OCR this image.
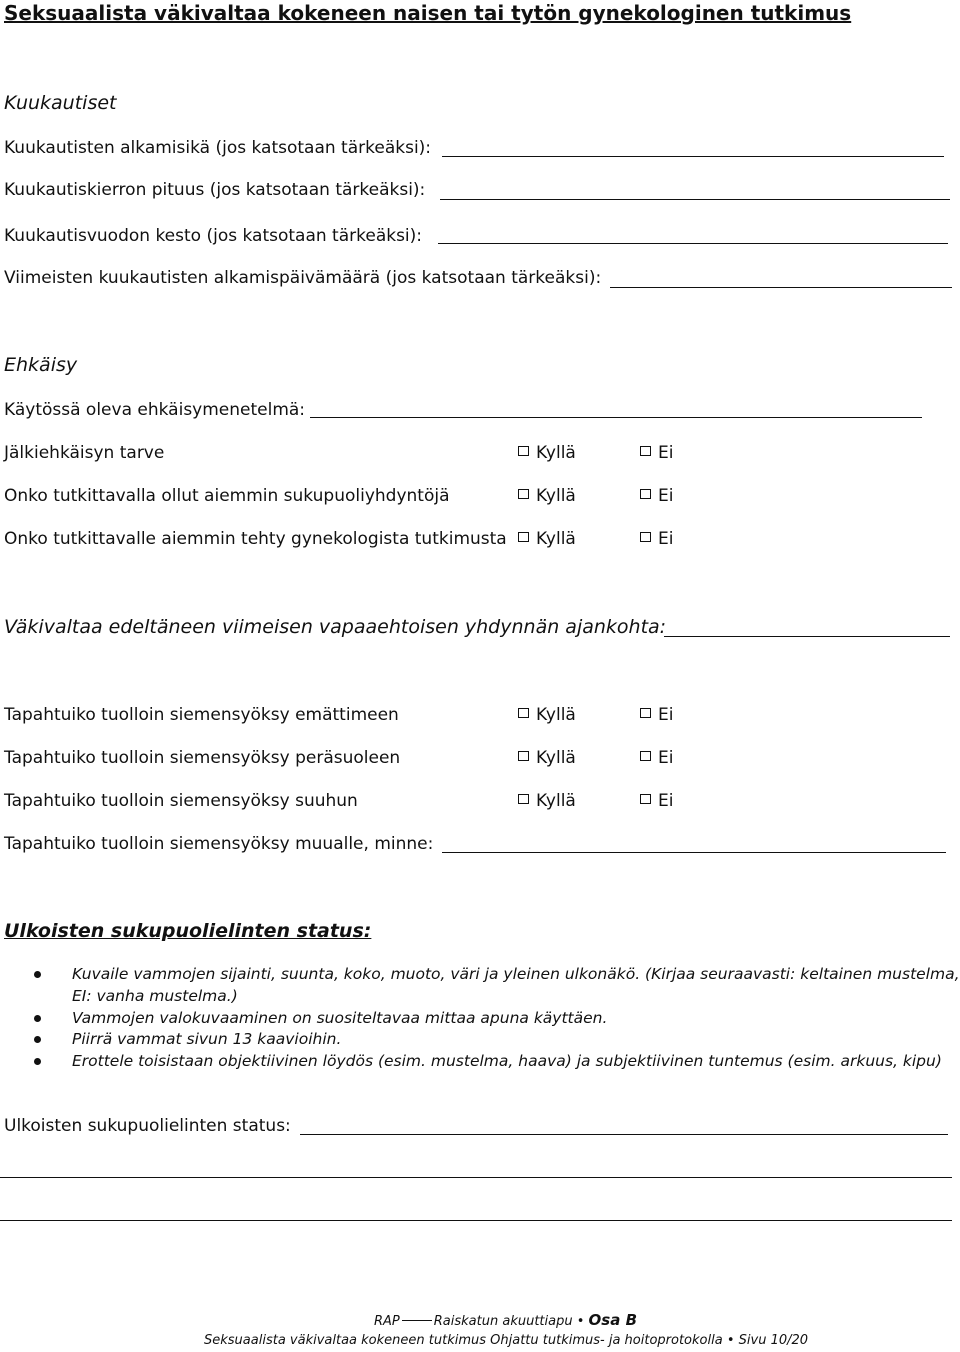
Seksuaalista väkivaltaa kokeneen naisen tai tytön gynekologinen tutkimus
Kuukautiset
Kuukautisten alkamisikä (jos katsotaan tärkeäksi):
Kuukautiskierron pituus (jos katsotaan tärkeäksi):
Kuukautisvuodon kesto (jos katsotaan tärkeäksi):
Viimeisten kuukautisten alkamispäivämäärä (jos katsotaan tärkeäksi):
Ehkäisy
Käytössä oleva ehkäisymenetelmä:
Jälkiehkäisyn tarve	Kyllä	Ei
Onko tutkittavalla ollut aiemmin sukupuoliyhdyntöjä	Kyllä	Ei
Onko tutkittavalle aiemmin tehty gynekologista tutkimusta	Kyllä	Ei
Väkivaltaa edeltäneen viimeisen vapaaehtoisen yhdynnän ajankohta:
Tapahtuiko tuolloin siemensyöksy emättimeen	Kyllä	Ei
Tapahtuiko tuolloin siemensyöksy peräsuoleen	Kyllä	Ei
Tapahtuiko tuolloin siemensyöksy suuhun	Kyllä	Ei
Tapahtuiko tuolloin siemensyöksy muualle, minne:
Ulkoisten sukupuolielinten status:
Kuvaile vammojen sijainti, suunta, koko, muoto, väri ja yleinen ulkonäkö. (Kirjaa seuraavasti: keltainen mustelma,
EI: vanha mustelma.)
Vammojen valokuvaaminen on suositeltavaa mittaa apuna käyttäen.
Piirrä vammat sivun 13 kaavioihin.
Erottele toisistaan objektiivinen löydös (esim. mustelma, haava) ja subjektiivinen tuntemus (esim. arkuus, kipu)
Ulkoisten sukupuolielinten status:
RAP	Raiskatun akuuttiapu • Osa B
Seksuaalista väkivaltaa kokeneen tutkimus Ohjattu tutkimus- ja hoitoprotokolla • Sivu 10/20
